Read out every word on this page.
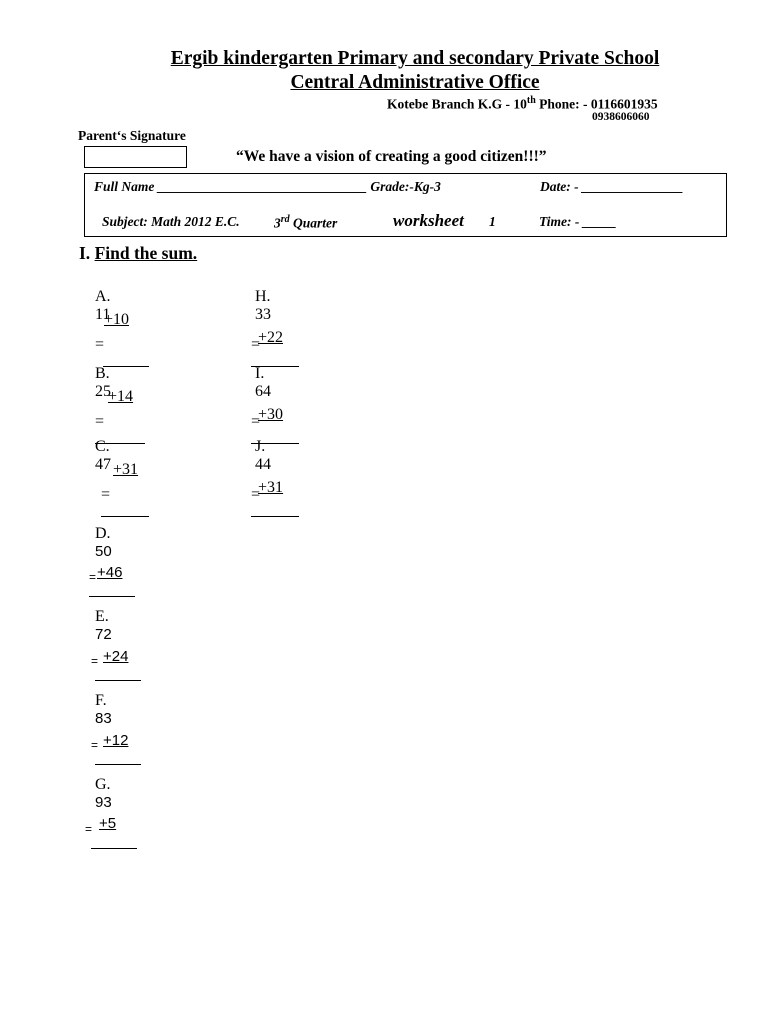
Ergib kindergarten Primary and secondary Private School
Central Administrative Office
Kotebe Branch K.G - 10th Phone: - 0116601935
0938606060
Parent‘s Signature
“We have a vision of creating a good citizen!!!”
Full Name _______________________________ Grade:-Kg-3	Date: - _______________
Subject: Math 2012 E.C.	3rd Quarter	worksheet 1	Time: - _____
I. Find the sum.
A. 11
+10
=
B. 25
+14
=
C. 47 +31
=
D. 50
+46
=
E. 72
+24
=
F. 83
+12
=
G. 93
+5
=
H. 33
+22
=
I. 64
+30
=
J. 44
+31
=
